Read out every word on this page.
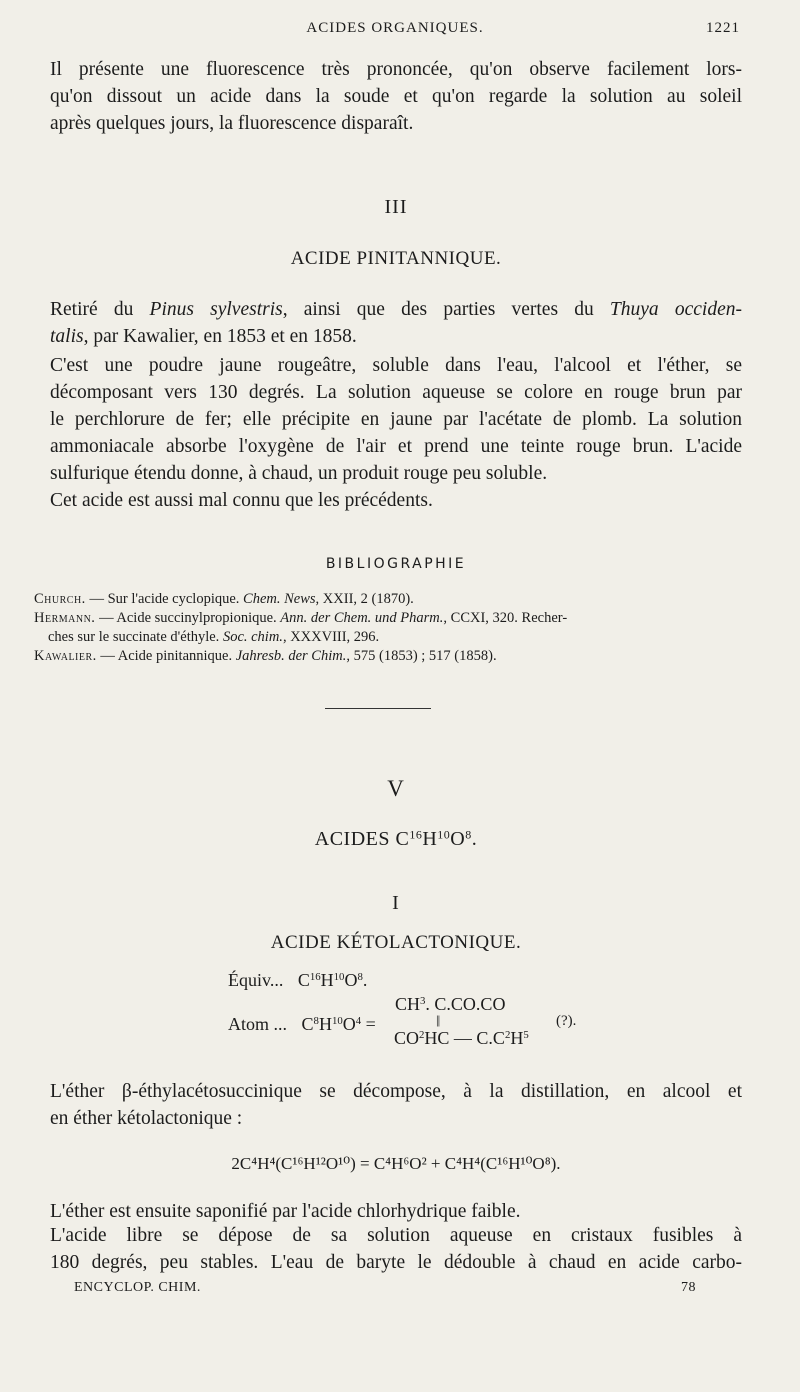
ACIDES ORGANIQUES.	1221
Il présente une fluorescence très prononcée, qu'on observe facilement lors-
qu'on dissout un acide dans la soude et qu'on regarde la solution au soleil
après quelques jours, la fluorescence disparaît.
III
ACIDE PINITANNIQUE.
Retiré du Pinus sylvestris, ainsi que des parties vertes du Thuya occiden-
talis, par Kawalier, en 1853 et en 1858.
C'est une poudre jaune rougeâtre, soluble dans l'eau, l'alcool et l'éther, se
décomposant vers 130 degrés. La solution aqueuse se colore en rouge brun par
le perchlorure de fer; elle précipite en jaune par l'acétate de plomb. La solution
ammoniacale absorbe l'oxygène de l'air et prend une teinte rouge brun. L'acide
sulfurique étendu donne, à chaud, un produit rouge peu soluble.
Cet acide est aussi mal connu que les précédents.
BIBLIOGRAPHIE
Church. — Sur l'acide cyclopique. Chem. News, XXII, 2 (1870).
Hermann. — Acide succinylpropionique. Ann. der Chem. und Pharm., CCXI, 320. Recher-
ches sur le succinate d'éthyle. Soc. chim., XXXVIII, 296.
Kawalier. — Acide pinitannique. Jahresb. der Chim., 575 (1853) ; 517 (1858).
V
ACIDES $C^{16}H^{10}O^8$.
I
ACIDE KÉTOLACTONIQUE.
Équiv... $C^{16}H^{10}O^8$.
$CH^3$. C.CO.CO
Atom ... $C^8H^{10}O^4$ =	||
$CO^2HC$ — $C.C^2H^5$
(?).
L'éther β-éthylacétosuccinique se décompose, à la distillation, en alcool et
en éther kétolactonique :
2C⁴H⁴(C¹⁶H¹²O¹⁰) = C⁴H⁶O² + C⁴H⁴(C¹⁶H¹⁰O⁸).
L'éther est ensuite saponifié par l'acide chlorhydrique faible.
L'acide libre se dépose de sa solution aqueuse en cristaux fusibles à
180 degrés, peu stables. L'eau de baryte le dédouble à chaud en acide carbo-
ENCYCLOP. CHIM.	78
